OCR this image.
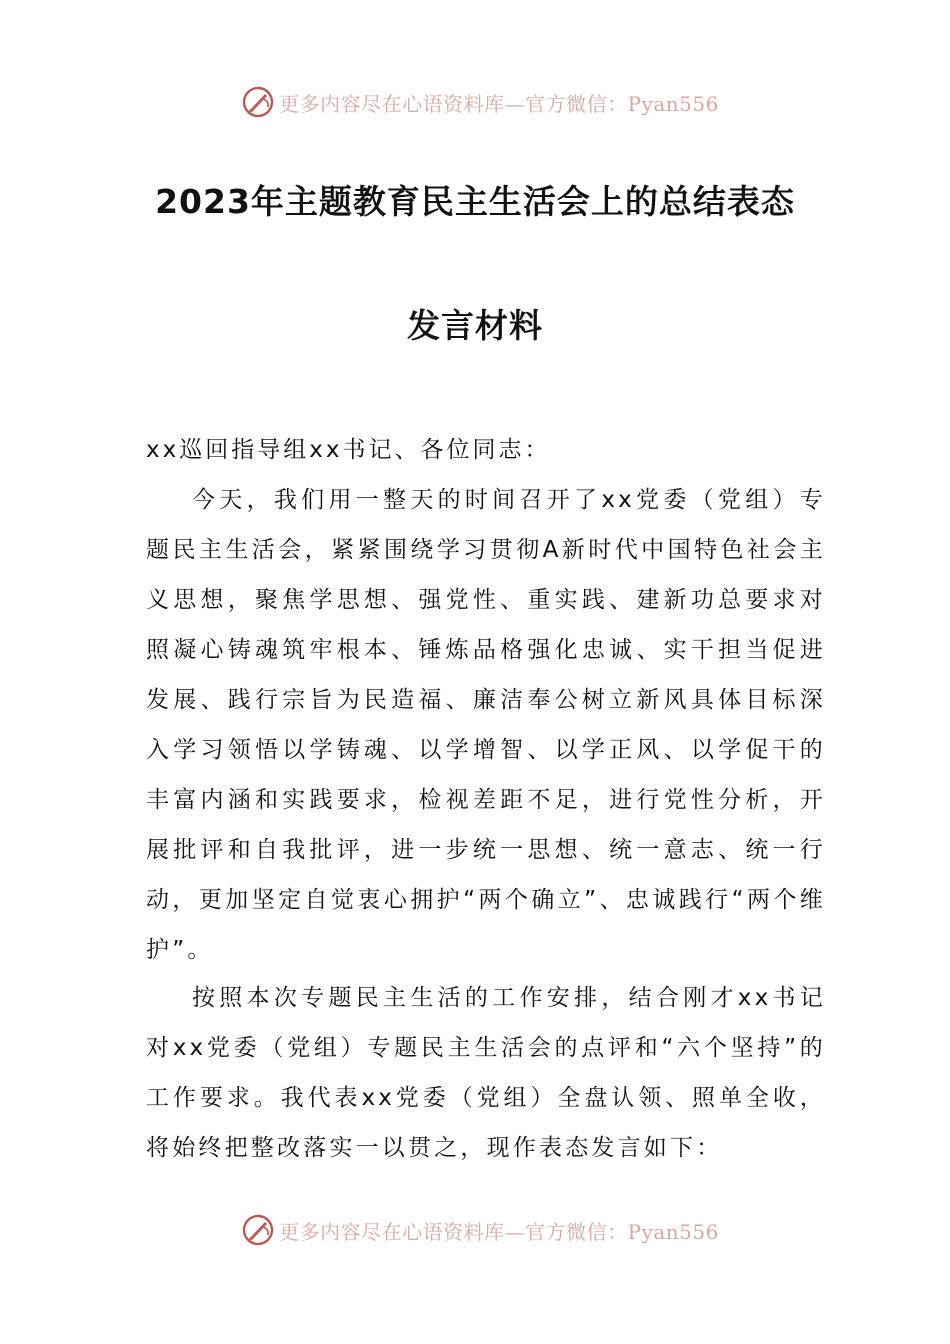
更多内容尽在心语资料库—官方微信：Pyan556
2023年主题教育民主生活会上的总结表态
发言材料
xx巡回指导组xx书记、各位同志：

今天，我们用一整天的时间召开了xx党委（党组）专题民主生活会，紧紧围绕学习贯彻A新时代中国特色社会主义思想，聚焦学思想、强党性、重实践、建新功总要求对照凝心铸魂筑牢根本、锤炼品格强化忠诚、实干担当促进发展、践行宗旨为民造福、廉洁奉公树立新风具体目标深入学习领悟以学铸魂、以学增智、以学正风、以学促干的丰富内涵和实践要求，检视差距不足，进行党性分析，开展批评和自我批评，进一步统一思想、统一意志、统一行动，更加坚定自觉衷心拥护“两个确立”、忠诚践行“两个维护”。

按照本次专题民主生活的工作安排，结合刚才xx书记对xx党委（党组）专题民主生活会的点评和“六个坚持”的工作要求。我代表xx党委（党组）全盘认领、照单全收，将始终把整改落实一以贯之，现作表态发言如下：

更多内容尽在心语资料库—官方微信：Pyan556
